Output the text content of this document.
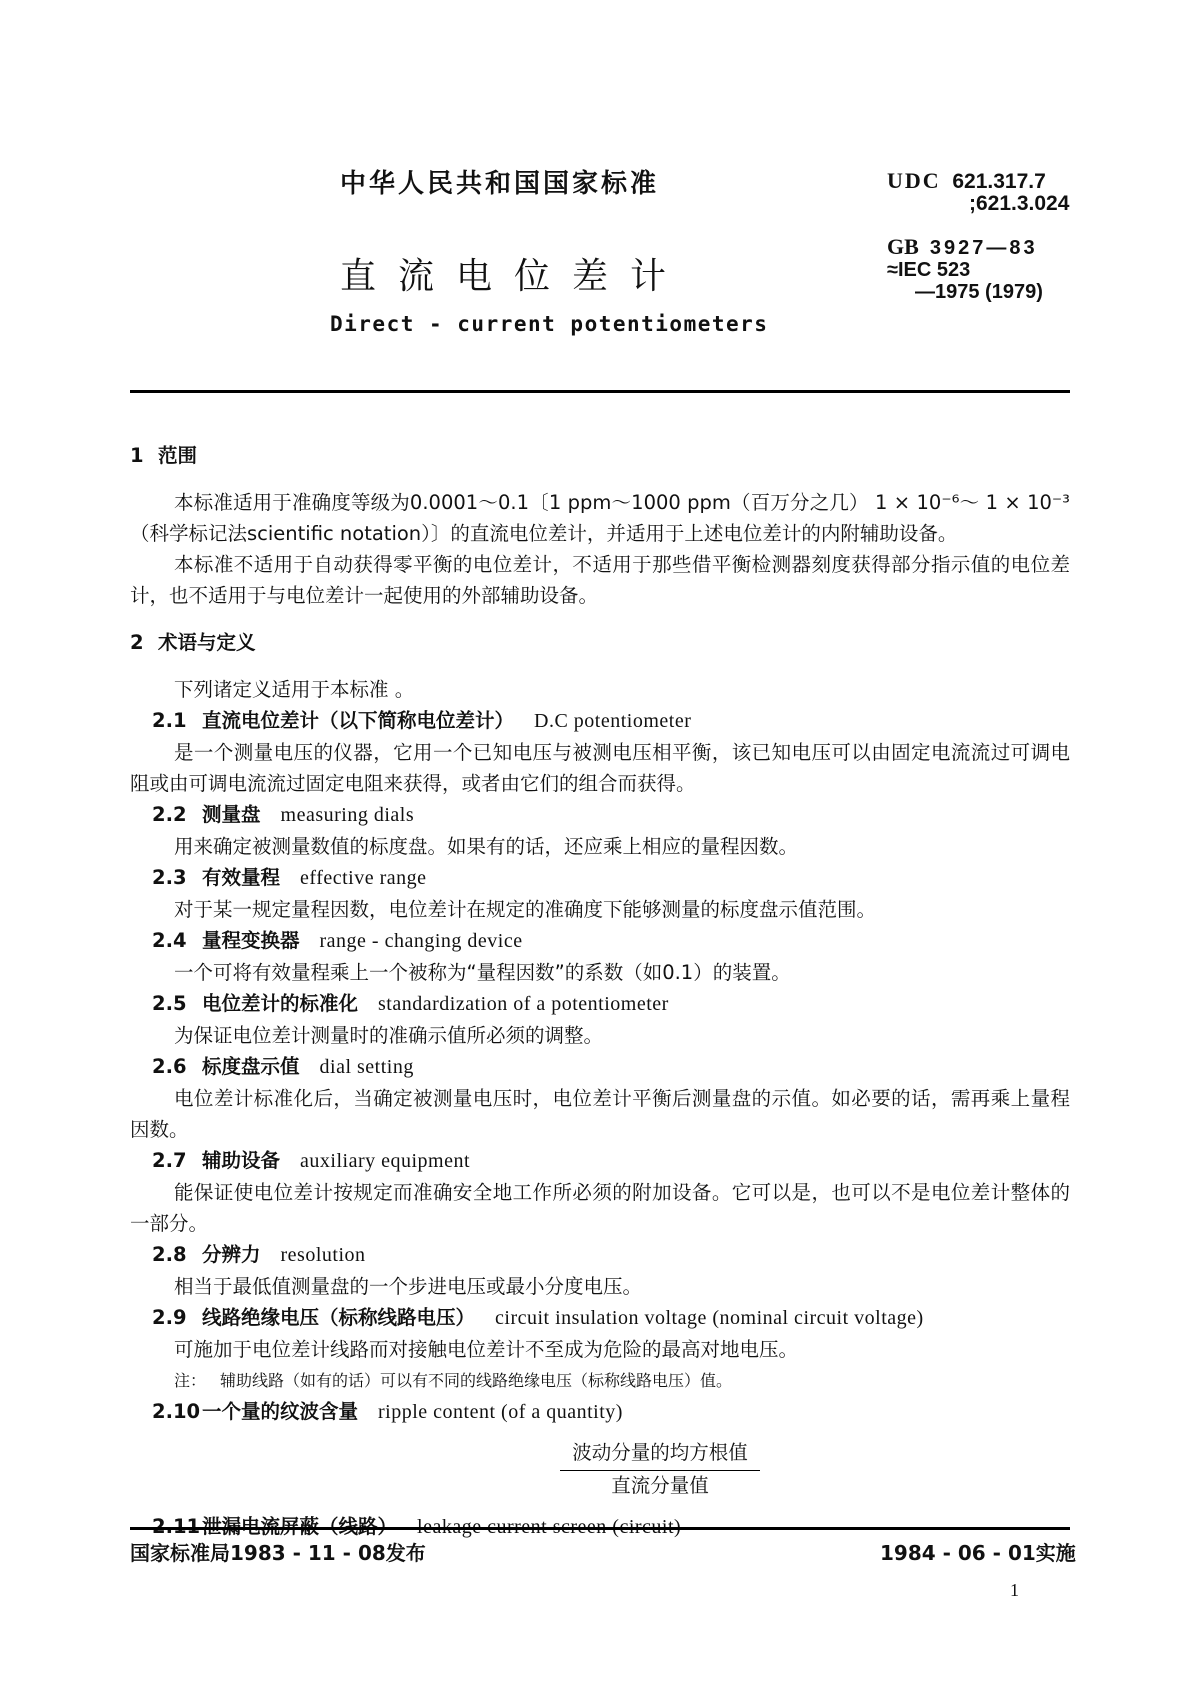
中华人民共和国国家标准
直流电位差计
Direct - current potentiometers
UDC 621.317.7
;621.3.024
GB 3927—83
≈IEC 523
—1975 (1979)
1 范围
本标准适用于准确度等级为0.0001～0.1〔1 ppm～1000 ppm（百万分之几） 1 × 10⁻⁶～ 1 × 10⁻³（科学标记法scientific notation）〕的直流电位差计，并适用于上述电位差计的内附辅助设备。
本标准不适用于自动获得零平衡的电位差计，不适用于那些借平衡检测器刻度获得部分指示值的电位差计，也不适用于与电位差计一起使用的外部辅助设备。
2 术语与定义
下列诸定义适用于本标准 。
2.1 直流电位差计（以下简称电位差计） D.C potentiometer
是一个测量电压的仪器，它用一个已知电压与被测电压相平衡，该已知电压可以由固定电流流过可调电阻或由可调电流流过固定电阻来获得，或者由它们的组合而获得。
2.2 测量盘 measuring dials
用来确定被测量数值的标度盘。如果有的话，还应乘上相应的量程因数。
2.3 有效量程 effective range
对于某一规定量程因数，电位差计在规定的准确度下能够测量的标度盘示值范围。
2.4 量程变换器 range - changing device
一个可将有效量程乘上一个被称为“量程因数”的系数（如0.1）的装置。
2.5 电位差计的标准化 standardization of a potentiometer
为保证电位差计测量时的准确示值所必须的调整。
2.6 标度盘示值 dial setting
电位差计标准化后，当确定被测量电压时，电位差计平衡后测量盘的示值。如必要的话，需再乘上量程因数。
2.7 辅助设备 auxiliary equipment
能保证使电位差计按规定而准确安全地工作所必须的附加设备。它可以是，也可以不是电位差计整体的一部分。
2.8 分辨力 resolution
相当于最低值测量盘的一个步进电压或最小分度电压。
2.9 线路绝缘电压（标称线路电压） circuit insulation voltage (nominal circuit voltage)
可施加于电位差计线路而对接触电位差计不至成为危险的最高对地电压。
注： 辅助线路（如有的话）可以有不同的线路绝缘电压（标称线路电压）值。
2.10一个量的纹波含量 ripple content (of a quantity)
波动分量的均方根值
直流分量值
国家标准局1983 - 11 - 08发布	1984 - 06 - 01实施
1
